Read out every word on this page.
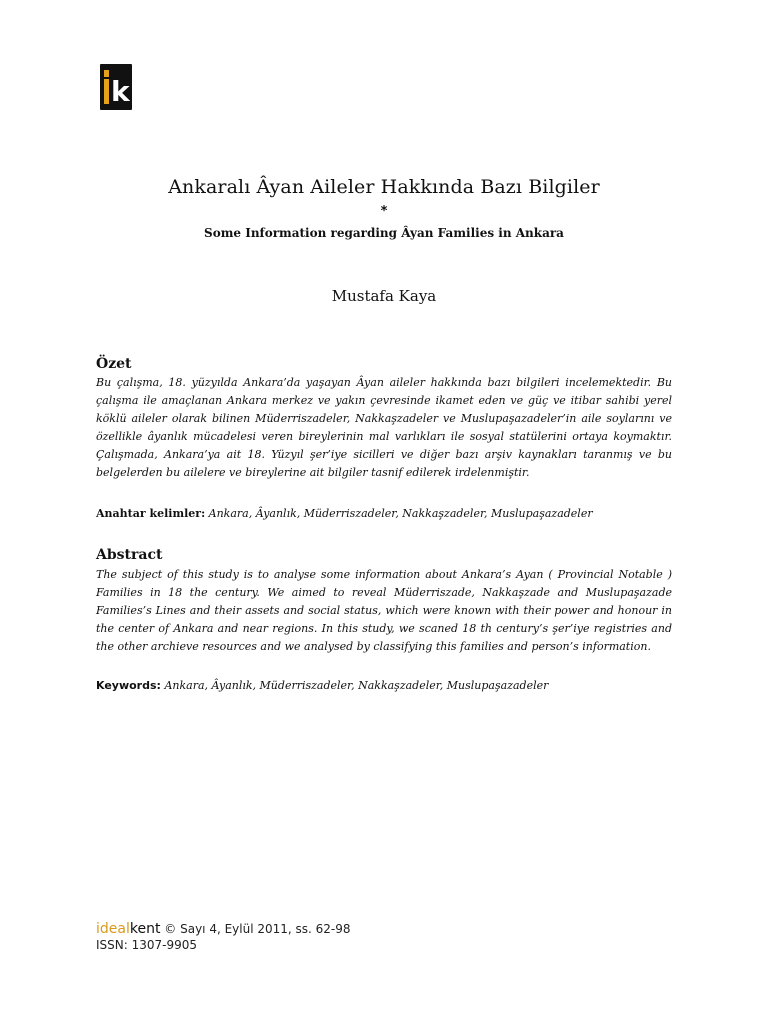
k
Ankaralı Âyan Aileler Hakkında Bazı Bilgiler
*
Some Information regarding Âyan Families in Ankara
Mustafa Kaya
Özet
Bu çalışma, 18. yüzyılda Ankara’da yaşayan Âyan aileler hakkında bazı bilgileri incelemektedir. Bu çalışma ile amaçlanan Ankara merkez ve yakın çevresinde ikamet eden ve güç ve itibar sahibi yerel köklü aileler olarak bilinen Müderriszadeler, Nakkaşzadeler ve Muslupaşazadeler’in aile soylarını ve özellikle âyanlık mücadelesi veren bireylerinin mal varlıkları ile sosyal statülerini ortaya koymaktır. Çalışmada, Ankara’ya ait 18. Yüzyıl şer’iye sicilleri ve diğer bazı arşiv kaynakları taranmış ve bu belgelerden bu ailelere ve bireylerine ait bilgiler tasnif edilerek irdelenmiştir.
Anahtar kelimler: Ankara, Âyanlık, Müderriszadeler, Nakkaşzadeler, Muslupaşazadeler
Abstract
The subject of this study is to analyse some information about Ankara’s Ayan ( Provincial Notable ) Families in 18 the century. We aimed to reveal Müderriszade, Nakkaşzade and Muslupaşazade Families’s Lines and their assets and social status, which were known with their power and honour in the center of Ankara and near regions. In this study, we scaned 18 th century’s şer’iye registries and the other archieve resources and we analysed by classifying this families and person’s information.
Keywords: Ankara, Âyanlık, Müderriszadeler, Nakkaşzadeler, Muslupaşazadeler
idealkent © Sayı 4, Eylül 2011, ss. 62-98
ISSN: 1307-9905
